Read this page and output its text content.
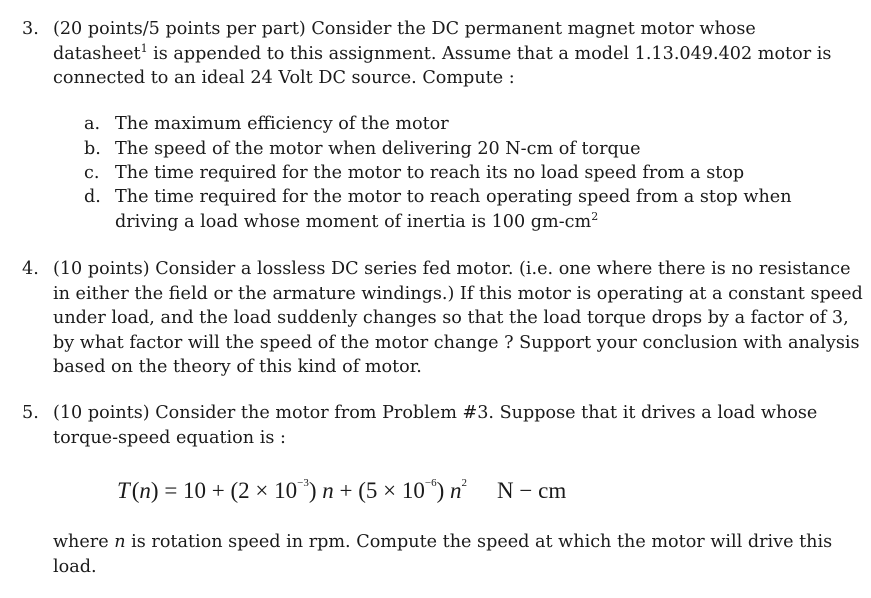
3. (20 points/5 points per part) Consider the DC permanent magnet motor whose
datasheet$^1$ is appended to this assignment. Assume that a model 1.13.049.402 motor is
connected to an ideal 24 Volt DC source. Compute :
a. The maximum efficiency of the motor
b. The speed of the motor when delivering 20 N-cm of torque
c. The time required for the motor to reach its no load speed from a stop
d. The time required for the motor to reach operating speed from a stop when
driving a load whose moment of inertia is 100 $gm-cm^2$
4. (10 points) Consider a lossless DC series fed motor. (i.e. one where there is no resistance
in either the field or the armature windings.) If this motor is operating at a constant speed
under load, and the load suddenly changes so that the load torque drops by a factor of 3,
by what factor will the speed of the motor change ? Support your conclusion with analysis
based on the theory of this kind of motor.
5. (10 points) Consider the motor from Problem #3. Suppose that it drives a load whose
torque-speed equation is :
T $(n) = 10 + (2 \times 10^{-3})$ $n + (5 \times 10^{-6})$ $n^2$ N − cm
where n is rotation speed in rpm. Compute the speed at which the motor will drive this
load.
